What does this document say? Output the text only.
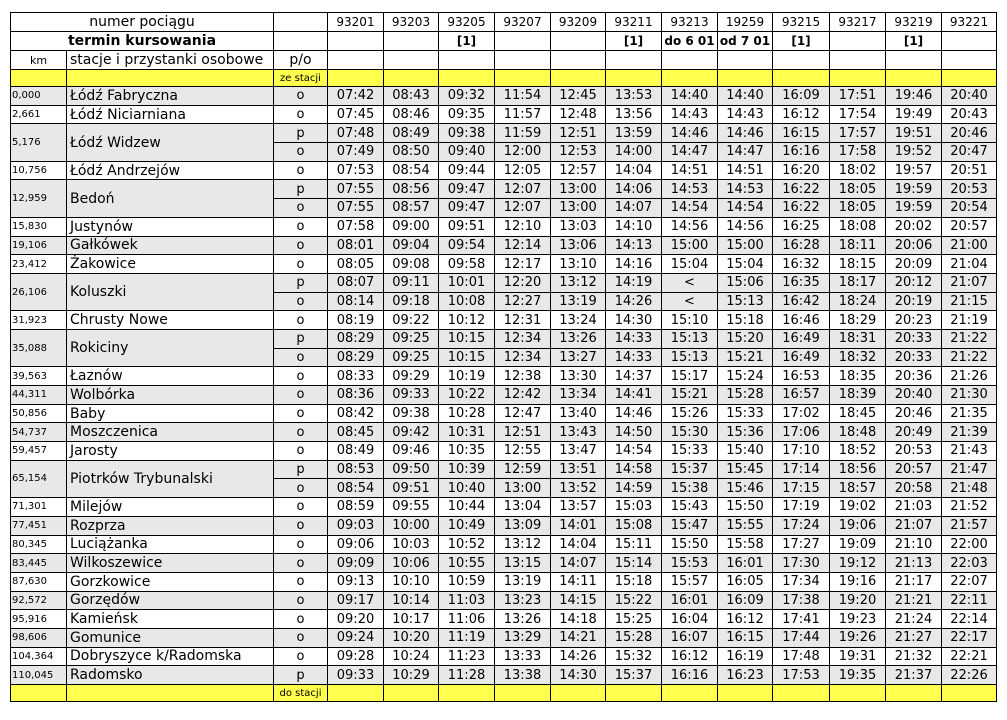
numer pociągu			93201	93203	93205	93207	93209	93211	93213	19259	93215	93217	93219	93221
termin kursowania					[1]			[1]	do 6 01	od 7 01	[1]		[1]	
km	stacje i przystanki osobowe	p/o												
		ze stacji												
0,000	Łódź Fabryczna	o	07:42	08:43	09:32	11:54	12:45	13:53	14:40	14:40	16:09	17:51	19:46	20:40
2,661	Łódź Niciarniana	o	07:45	08:46	09:35	11:57	12:48	13:56	14:43	14:43	16:12	17:54	19:49	20:43
5,176	Łódź Widzew	p	07:48	08:49	09:38	11:59	12:51	13:59	14:46	14:46	16:15	17:57	19:51	20:46
		o	07:49	08:50	09:40	12:00	12:53	14:00	14:47	14:47	16:16	17:58	19:52	20:47
10,756	Łódź Andrzejów	o	07:53	08:54	09:44	12:05	12:57	14:04	14:51	14:51	16:20	18:02	19:57	20:51
12,959	Bedoń	p	07:55	08:56	09:47	12:07	13:00	14:06	14:53	14:53	16:22	18:05	19:59	20:53
		o	07:55	08:57	09:47	12:07	13:00	14:07	14:54	14:54	16:22	18:05	19:59	20:54
15,830	Justynów	o	07:58	09:00	09:51	12:10	13:03	14:10	14:56	14:56	16:25	18:08	20:02	20:57
19,106	Gałkówek	o	08:01	09:04	09:54	12:14	13:06	14:13	15:00	15:00	16:28	18:11	20:06	21:00
23,412	Żakowice	o	08:05	09:08	09:58	12:17	13:10	14:16	15:04	15:04	16:32	18:15	20:09	21:04
26,106	Koluszki	p	08:07	09:11	10:01	12:20	13:12	14:19	<	15:06	16:35	18:17	20:12	21:07
		o	08:14	09:18	10:08	12:27	13:19	14:26	<	15:13	16:42	18:24	20:19	21:15
31,923	Chrusty Nowe	o	08:19	09:22	10:12	12:31	13:24	14:30	15:10	15:18	16:46	18:29	20:23	21:19
35,088	Rokiciny	p	08:29	09:25	10:15	12:34	13:26	14:33	15:13	15:20	16:49	18:31	20:33	21:22
		o	08:29	09:25	10:15	12:34	13:27	14:33	15:13	15:21	16:49	18:32	20:33	21:22
39,563	Łaznów	o	08:33	09:29	10:19	12:38	13:30	14:37	15:17	15:24	16:53	18:35	20:36	21:26
44,311	Wolbórka	o	08:36	09:33	10:22	12:42	13:34	14:41	15:21	15:28	16:57	18:39	20:40	21:30
50,856	Baby	o	08:42	09:38	10:28	12:47	13:40	14:46	15:26	15:33	17:02	18:45	20:46	21:35
54,737	Moszczenica	o	08:45	09:42	10:31	12:51	13:43	14:50	15:30	15:36	17:06	18:48	20:49	21:39
59,457	Jarosty	o	08:49	09:46	10:35	12:55	13:47	14:54	15:33	15:40	17:10	18:52	20:53	21:43
65,154	Piotrków Trybunalski	p	08:53	09:50	10:39	12:59	13:51	14:58	15:37	15:45	17:14	18:56	20:57	21:47
		o	08:54	09:51	10:40	13:00	13:52	14:59	15:38	15:46	17:15	18:57	20:58	21:48
71,301	Milejów	o	08:59	09:55	10:44	13:04	13:57	15:03	15:43	15:50	17:19	19:02	21:03	21:52
77,451	Rozprza	o	09:03	10:00	10:49	13:09	14:01	15:08	15:47	15:55	17:24	19:06	21:07	21:57
80,345	Luciążanka	o	09:06	10:03	10:52	13:12	14:04	15:11	15:50	15:58	17:27	19:09	21:10	22:00
83,445	Wilkoszewice	o	09:09	10:06	10:55	13:15	14:07	15:14	15:53	16:01	17:30	19:12	21:13	22:03
87,630	Gorzkowice	o	09:13	10:10	10:59	13:19	14:11	15:18	15:57	16:05	17:34	19:16	21:17	22:07
92,572	Gorzędów	o	09:17	10:14	11:03	13:23	14:15	15:22	16:01	16:09	17:38	19:20	21:21	22:11
95,916	Kamieńsk	o	09:20	10:17	11:06	13:26	14:18	15:25	16:04	16:12	17:41	19:23	21:24	22:14
98,606	Gomunice	o	09:24	10:20	11:19	13:29	14:21	15:28	16:07	16:15	17:44	19:26	21:27	22:17
104,364	Dobryszyce k/Radomska	o	09:28	10:24	11:23	13:33	14:26	15:32	16:12	16:19	17:48	19:31	21:32	22:21
110,045	Radomsko	p	09:33	10:29	11:28	13:38	14:30	15:37	16:16	16:23	17:53	19:35	21:37	22:26
		do stacji												
